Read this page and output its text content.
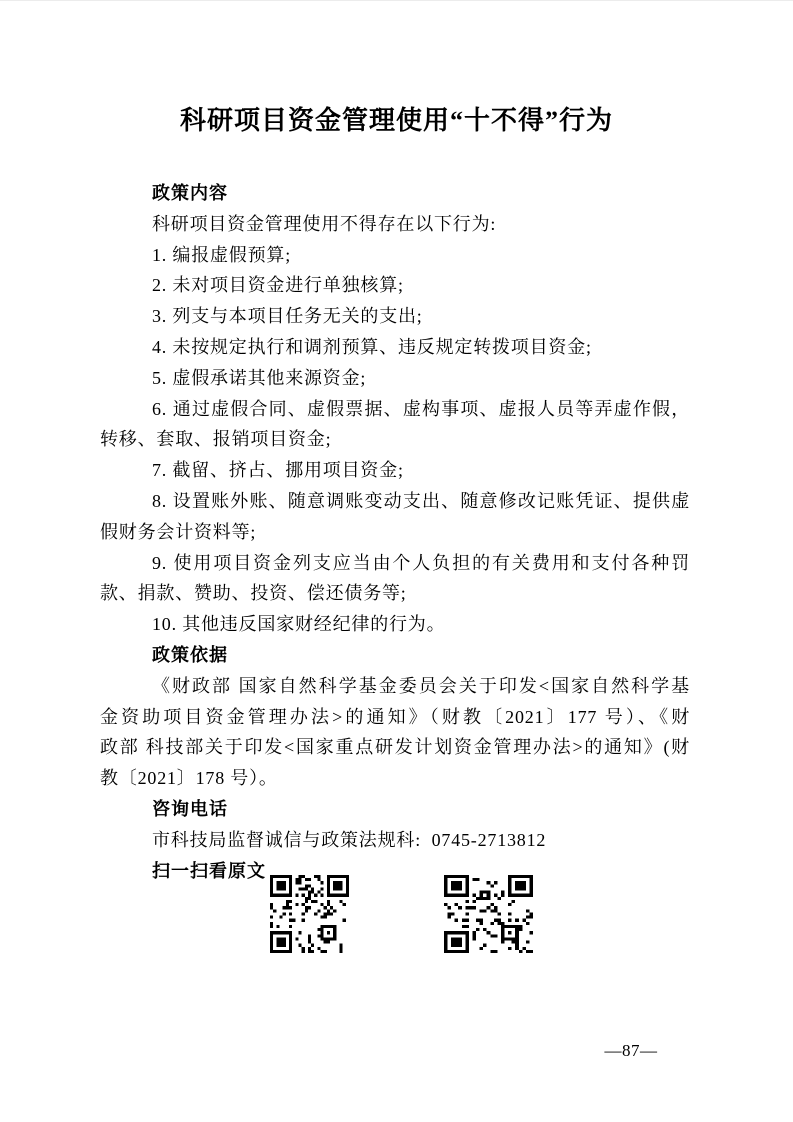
科研项目资金管理使用“十不得”行为
政策内容
科研项目资金管理使用不得存在以下行为:
1. 编报虚假预算;
2. 未对项目资金进行单独核算;
3. 列支与本项目任务无关的支出;
4. 未按规定执行和调剂预算、违反规定转拨项目资金;
5. 虚假承诺其他来源资金;
6. 通过虚假合同、虚假票据、虚构事项、虚报人员等弄虚作假，
转移、套取、报销项目资金;
7. 截留、挤占、挪用项目资金;
8. 设置账外账、随意调账变动支出、随意修改记账凭证、提供虚
假财务会计资料等;
9. 使用项目资金列支应当由个人负担的有关费用和支付各种罚
款、捐款、赞助、投资、偿还债务等;
10. 其他违反国家财经纪律的行为。
政策依据
《财政部 国家自然科学基金委员会关于印发<国家自然科学基
金资助项目资金管理办法>的通知》（财教〔2021〕177 号）、《财
政部 科技部关于印发<国家重点研发计划资金管理办法>的通知》(财
教〔2021〕178 号）。
咨询电话
市科技局监督诚信与政策法规科:  0745-2713812
扫一扫看原文
—87—
